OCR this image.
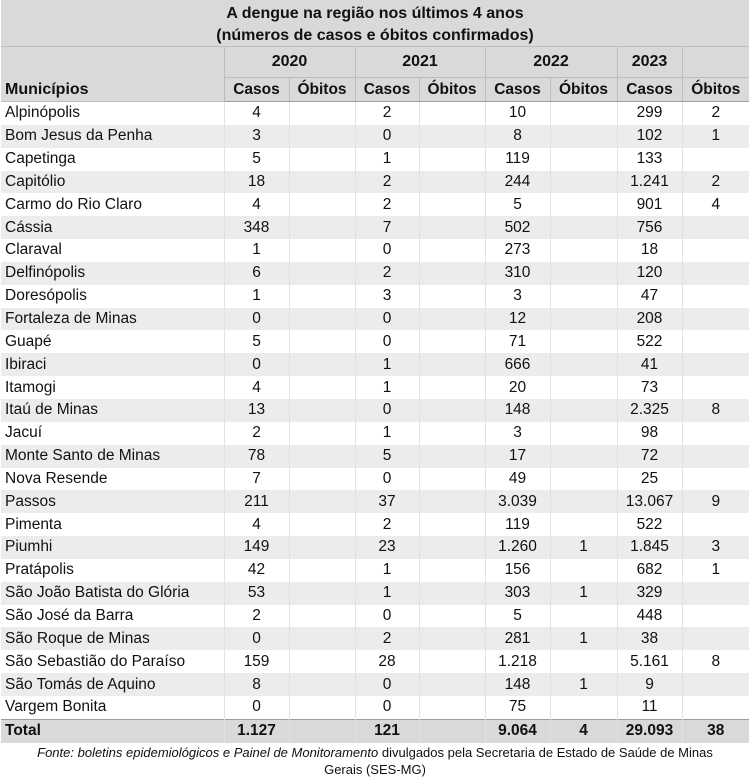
A dengue na região nos últimos 4 anos
(números de casos e óbitos confirmados)
Municípios	2020		2021		2022		2023	
	Casos	Óbitos	Casos	Óbitos	Casos	Óbitos	Casos	Óbitos
Alpinópolis	4		2		10		299	2
Bom Jesus da Penha	3		0		8		102	1
Capetinga	5		1		119		133	
Capitólio	18		2		244		1.241	2
Carmo do Rio Claro	4		2		5		901	4
Cássia	348		7		502		756	
Claraval	1		0		273		18	
Delfinópolis	6		2		310		120	
Doresópolis	1		3		3		47	
Fortaleza de Minas	0		0		12		208	
Guapé	5		0		71		522	
Ibiraci	0		1		666		41	
Itamogi	4		1		20		73	
Itaú de Minas	13		0		148		2.325	8
Jacuí	2		1		3		98	
Monte Santo de Minas	78		5		17		72	
Nova Resende	7		0		49		25	
Passos	211		37		3.039		13.067	9
Pimenta	4		2		119		522	
Piumhi	149		23		1.260	1	1.845	3
Pratápolis	42		1		156		682	1
São João Batista do Glória	53		1		303	1	329	
São José da Barra	2		0		5		448	
São Roque de Minas	0		2		281	1	38	
São Sebastião do Paraíso	159		28		1.218		5.161	8
São Tomás de Aquino	8		0		148	1	9	
Vargem Bonita	0		0		75		11	
Total	1.127		121		9.064	4	29.093	38
Fonte: boletins epidemiológicos e Painel de Monitoramento divulgados pela Secretaria de Estado de Saúde de Minas
Gerais (SES-MG)
